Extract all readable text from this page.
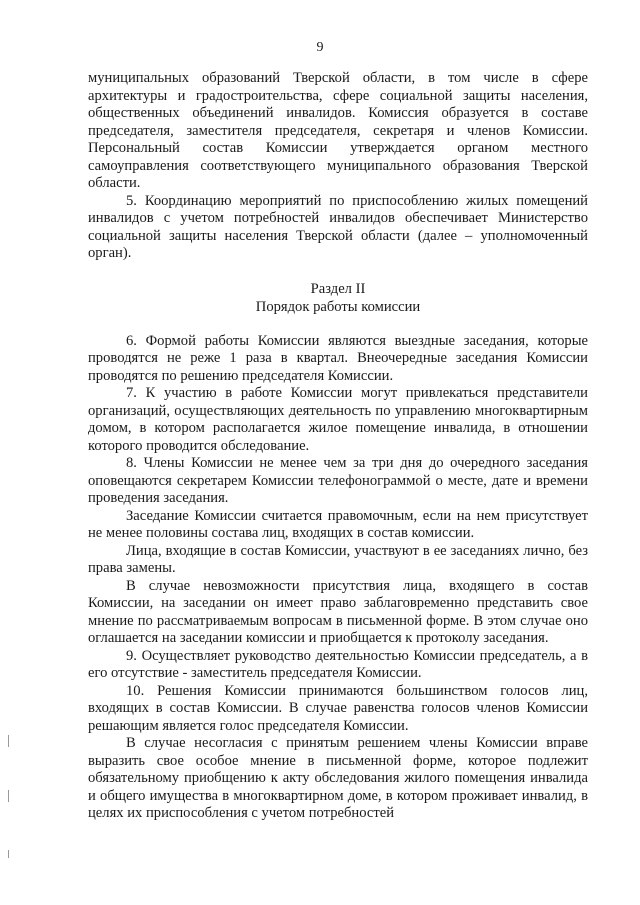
9

муниципальных образований Тверской области, в том числе в сфере архитектуры и градостроительства, сфере социальной защиты населения, общественных объединений инвалидов. Комиссия образуется в составе председателя, заместителя председателя, секретаря и членов Комиссии. Персональный состав Комиссии утверждается органом местного самоуправления соответствующего муниципального образования Тверской области.

5. Координацию мероприятий по приспособлению жилых помещений инвалидов с учетом потребностей инвалидов обеспечивает Министерство социальной защиты населения Тверской области (далее – уполномоченный орган).

Раздел II
Порядок работы комиссии

6. Формой работы Комиссии являются выездные заседания, которые проводятся не реже 1 раза в квартал. Внеочередные заседания Комиссии проводятся по решению председателя Комиссии.

7. К участию в работе Комиссии могут привлекаться представители организаций, осуществляющих деятельность по управлению многоквартирным домом, в котором располагается жилое помещение инвалида, в отношении которого проводится обследование.

8. Члены Комиссии не менее чем за три дня до очередного заседания оповещаются секретарем Комиссии телефонограммой о месте, дате и времени проведения заседания.

Заседание Комиссии считается правомочным, если на нем присутствует не менее половины состава лиц, входящих в состав комиссии.

Лица, входящие в состав Комиссии, участвуют в ее заседаниях лично, без права замены.

В случае невозможности присутствия лица, входящего в состав Комиссии, на заседании он имеет право заблаговременно представить свое мнение по рассматриваемым вопросам в письменной форме. В этом случае оно оглашается на заседании комиссии и приобщается к протоколу заседания.

9. Осуществляет руководство деятельностью Комиссии председатель, а в его отсутствие - заместитель председателя Комиссии.

10. Решения Комиссии принимаются большинством голосов лиц, входящих в состав Комиссии. В случае равенства голосов членов Комиссии решающим является голос председателя Комиссии.

В случае несогласия с принятым решением члены Комиссии вправе выразить свое особое мнение в письменной форме, которое подлежит обязательному приобщению к акту обследования жилого помещения инвалида и общего имущества в многоквартирном доме, в котором проживает инвалид, в целях их приспособления с учетом потребностей
